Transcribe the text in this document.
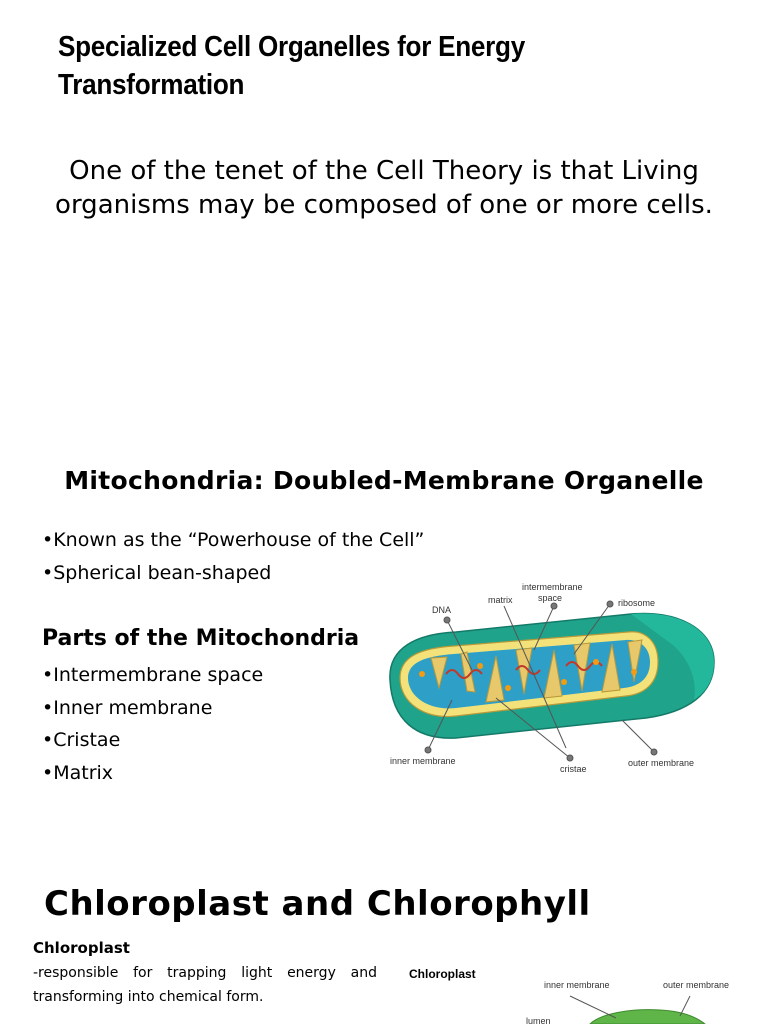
Specialized Cell Organelles for Energy Transformation

One of the tenet of the Cell Theory is that Living organisms may be composed of one or more cells.

Mitochondria: Doubled-Membrane Organelle
• Known as the “Powerhouse of the Cell”
• Spherical bean-shaped
Parts of the Mitochondria
• Intermembrane space
• Inner membrane
• Cristae
• Matrix
DNA
matrix
intermembrane
space	ribosome
inner membrane
cristae
outer membrane
Chloroplast and Chlorophyll
Chloroplast

-responsible for trapping light energy and transforming into chemical form.

Chloroplast
inner membrane	outer membrane
lumen
